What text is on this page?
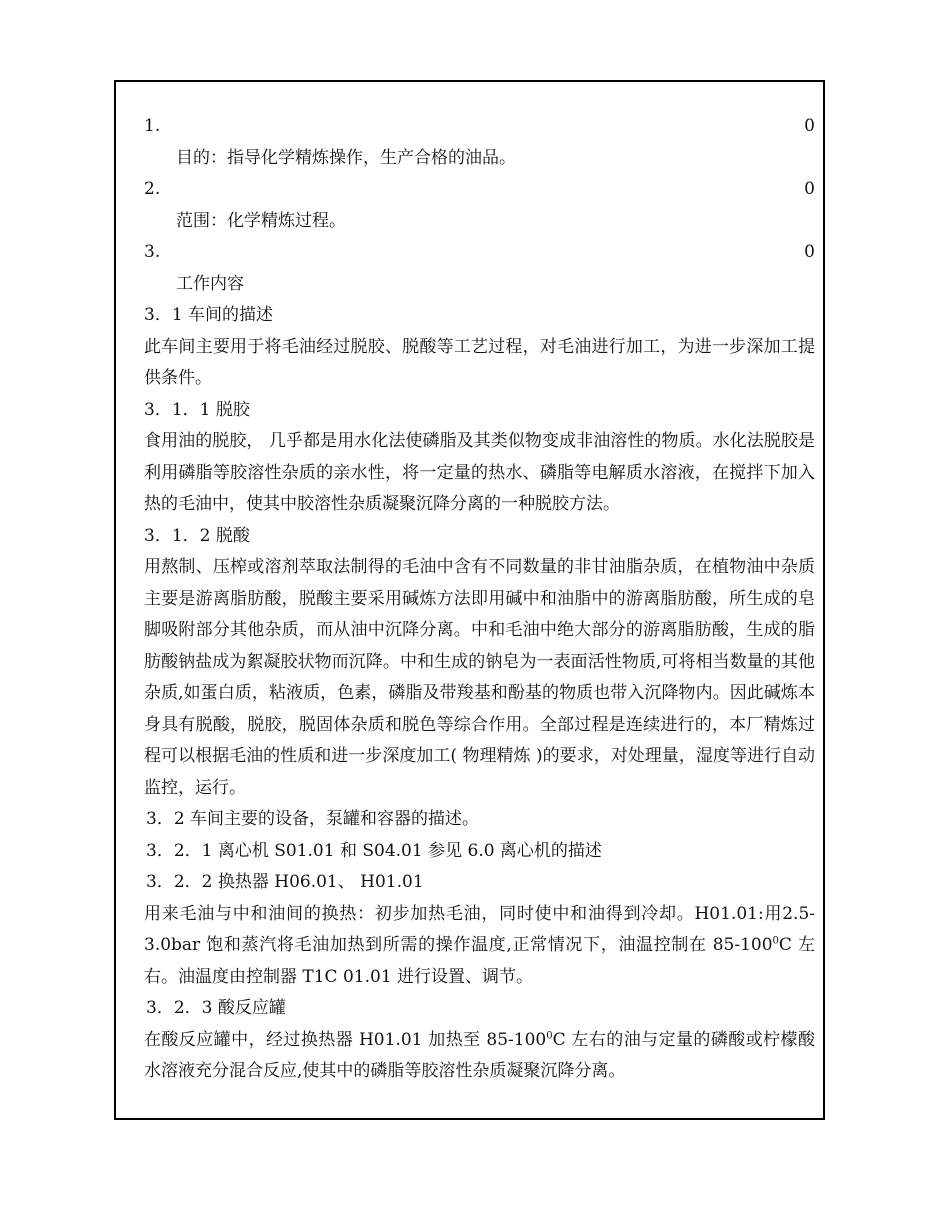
1.	0
目的：指导化学精炼操作，生产合格的油品。
2.	0
范围：化学精炼过程。
3.	0
工作内容
3．1 车间的描述

此车间主要用于将毛油经过脱胶、脱酸等工艺过程，对毛油进行加工，为进一步深加工提供条件。

3．1．1 脱胶

食用油的脱胶， 几乎都是用水化法使磷脂及其类似物变成非油溶性的物质。水化法脱胶是利用磷脂等胶溶性杂质的亲水性，将一定量的热水、磷脂等电解质水溶液，在搅拌下加入热的毛油中，使其中胶溶性杂质凝聚沉降分离的一种脱胶方法。

3．1．2 脱酸

用熬制、压榨或溶剂萃取法制得的毛油中含有不同数量的非甘油脂杂质，在植物油中杂质主要是游离脂肪酸，脱酸主要采用碱炼方法即用碱中和油脂中的游离脂肪酸，所生成的皂脚吸附部分其他杂质，而从油中沉降分离。中和毛油中绝大部分的游离脂肪酸，生成的脂肪酸钠盐成为絮凝胶状物而沉降。中和生成的钠皂为一表面活性物质,可将相当数量的其他杂质,如蛋白质，粘液质，色素，磷脂及带羧基和酚基的物质也带入沉降物内。因此碱炼本身具有脱酸，脱胶，脱固体杂质和脱色等综合作用。全部过程是连续进行的，本厂精炼过程可以根据毛油的性质和进一步深度加工( 物理精炼 )的要求，对处理量，湿度等进行自动监控，运行。

3．2 车间主要的设备，泵罐和容器的描述。
3．2．1 离心机 S01.01 和 S04.01 参见 6.0 离心机的描述
3．2．2 换热器 H06.01、 H01.01

用来毛油与中和油间的换热：初步加热毛油，同时使中和油得到冷却。H01.01:用2.5-3.0bar 饱和蒸汽将毛油加热到所需的操作温度,正常情况下，油温控制在 $85-100^0C$ 左右。油温度由控制器 T1C 01.01 进行设置、调节。

3．2．3 酸反应罐

在酸反应罐中，经过换热器 H01.01 加热至 $85-100^0C$ 左右的油与定量的磷酸或柠檬酸水溶液充分混合反应,使其中的磷脂等胶溶性杂质凝聚沉降分离。
